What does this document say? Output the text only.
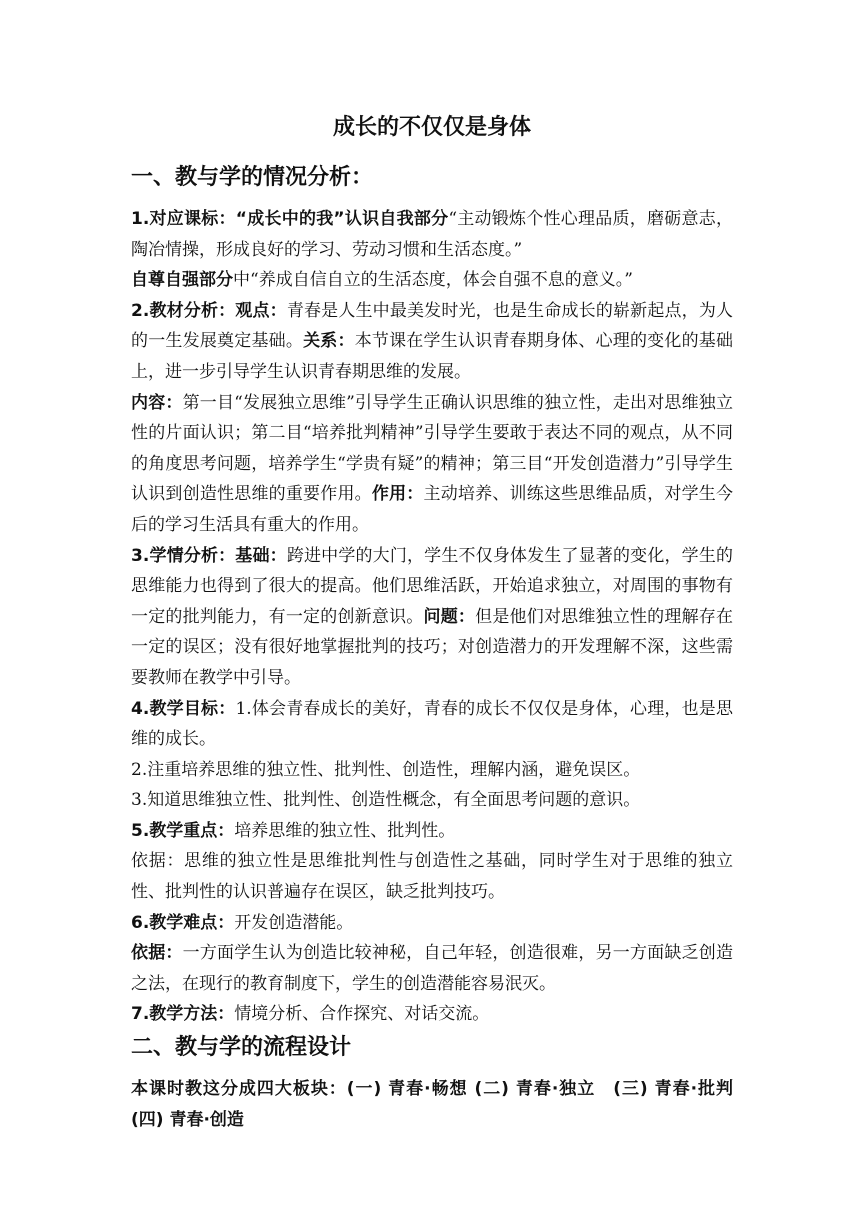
成长的不仅仅是身体
一、教与学的情况分析：

1.对应课标：“成长中的我”认识自我部分“主动锻炼个性心理品质，磨砺意志，陶冶情操，形成良好的学习、劳动习惯和生活态度。”

自尊自强部分中“养成自信自立的生活态度，体会自强不息的意义。”

2.教材分析：观点：青春是人生中最美发时光，也是生命成长的崭新起点，为人的一生发展奠定基础。关系：本节课在学生认识青春期身体、心理的变化的基础上，进一步引导学生认识青春期思维的发展。

内容：第一目“发展独立思维”引导学生正确认识思维的独立性，走出对思维独立性的片面认识；第二目“培养批判精神”引导学生要敢于表达不同的观点，从不同的角度思考问题，培养学生“学贵有疑”的精神；第三目“开发创造潜力”引导学生认识到创造性思维的重要作用。作用：主动培养、训练这些思维品质，对学生今后的学习生活具有重大的作用。

3.学情分析：基础：跨进中学的大门，学生不仅身体发生了显著的变化，学生的思维能力也得到了很大的提高。他们思维活跃，开始追求独立，对周围的事物有一定的批判能力，有一定的创新意识。问题：但是他们对思维独立性的理解存在一定的误区；没有很好地掌握批判的技巧；对创造潜力的开发理解不深，这些需要教师在教学中引导。

4.教学目标：1.体会青春成长的美好，青春的成长不仅仅是身体，心理，也是思维的成长。

2.注重培养思维的独立性、批判性、创造性，理解内涵，避免误区。

3.知道思维独立性、批判性、创造性概念，有全面思考问题的意识。

5.教学重点：培养思维的独立性、批判性。

依据：思维的独立性是思维批判性与创造性之基础，同时学生对于思维的独立性、批判性的认识普遍存在误区，缺乏批判技巧。

6.教学难点：开发创造潜能。

依据：一方面学生认为创造比较神秘，自己年轻，创造很难，另一方面缺乏创造之法，在现行的教育制度下，学生的创造潜能容易泯灭。

7.教学方法：情境分析、合作探究、对话交流。

二、教与学的流程设计

本课时教这分成四大板块：(一) 青春·畅想 (二) 青春·独立　(三) 青春·批判 (四) 青春·创造
